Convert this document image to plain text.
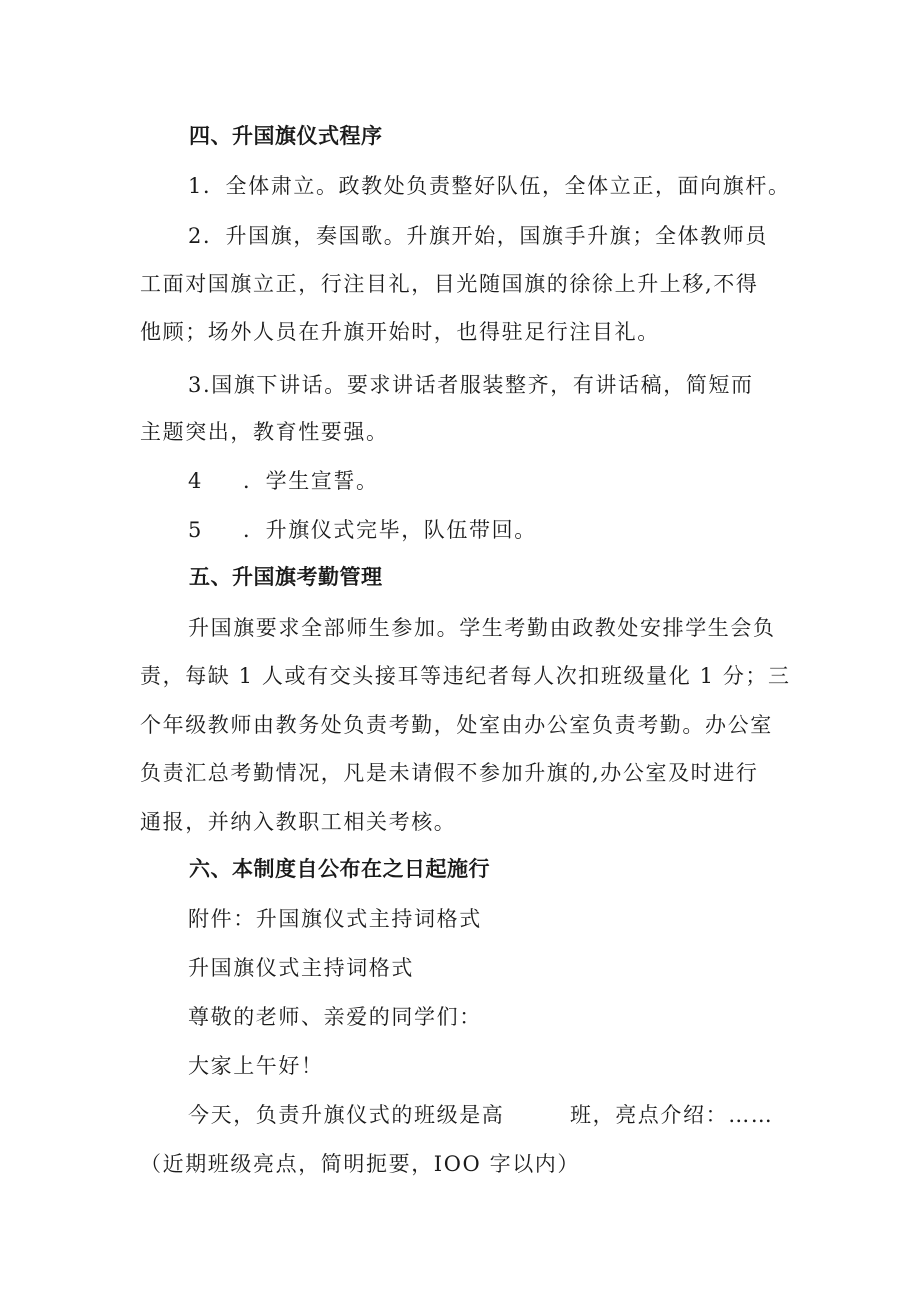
四、升国旗仪式程序
1．全体肃立。政教处负责整好队伍，全体立正，面向旗杆。
2．升国旗，奏国歌。升旗开始，国旗手升旗；全体教师员
工面对国旗立正，行注目礼，目光随国旗的徐徐上升上移,不得
他顾；场外人员在升旗开始时，也得驻足行注目礼。
3.国旗下讲话。要求讲话者服装整齐，有讲话稿，简短而
主题突出，教育性要强。
4 ．学生宣誓。
5 ．升旗仪式完毕，队伍带回。
五、升国旗考勤管理
升国旗要求全部师生参加。学生考勤由政教处安排学生会负
责，每缺 1 人或有交头接耳等违纪者每人次扣班级量化 1 分；三
个年级教师由教务处负责考勤，处室由办公室负责考勤。办公室
负责汇总考勤情况，凡是未请假不参加升旗的,办公室及时进行
通报，并纳入教职工相关考核。
六、本制度自公布在之日起施行
附件：升国旗仪式主持词格式
升国旗仪式主持词格式
尊敬的老师、亲爱的同学们：
大家上午好！
今天，负责升旗仪式的班级是高	班，亮点介绍：……
（近期班级亮点，简明扼要，IOO 字以内）
